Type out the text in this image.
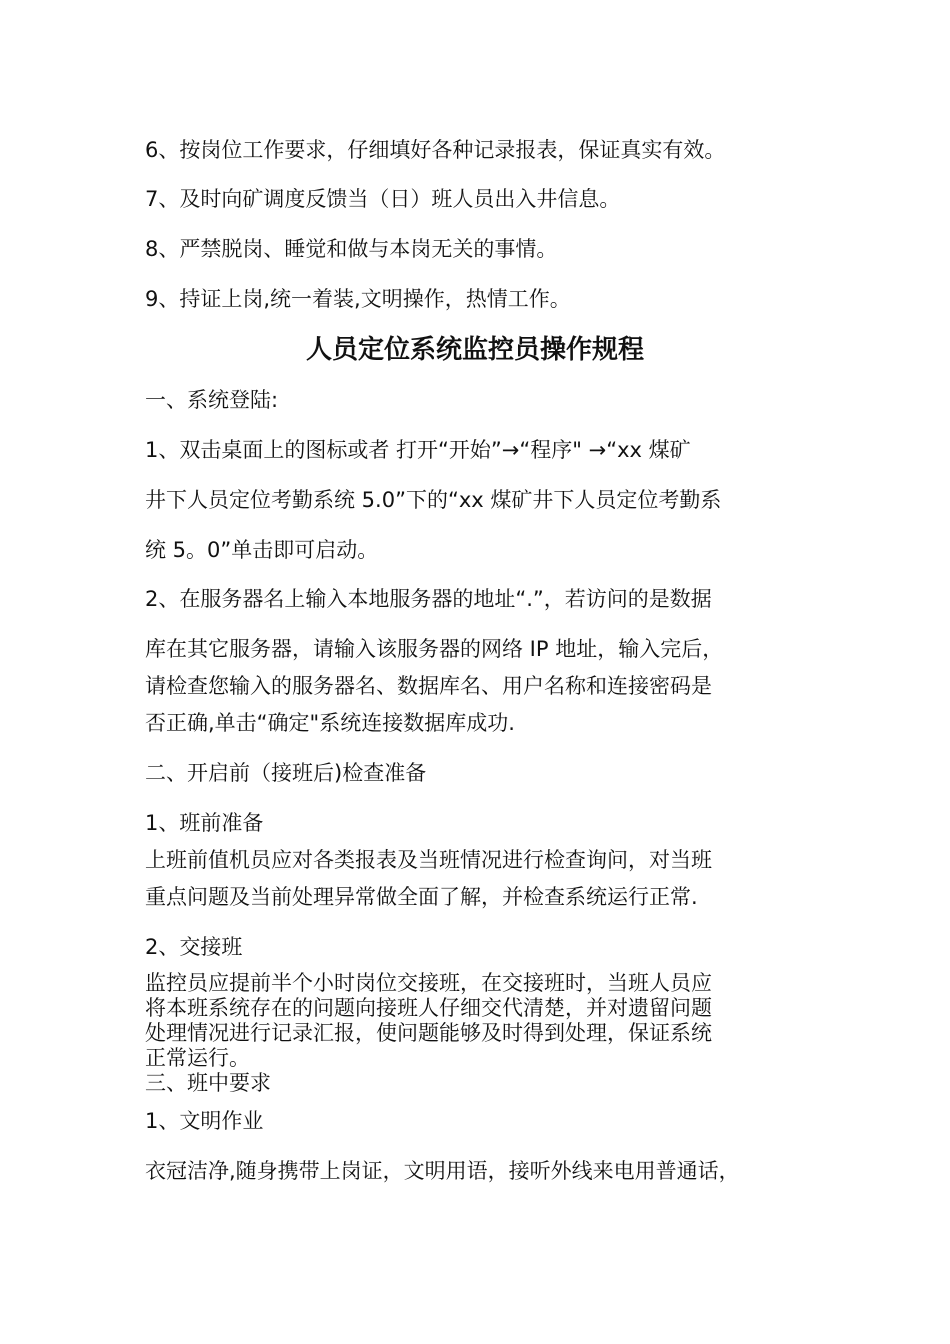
6、按岗位工作要求，仔细填好各种记录报表，保证真实有效。
7、及时向矿调度反馈当（日）班人员出入井信息。
8、严禁脱岗、睡觉和做与本岗无关的事情。
9、持证上岗,统一着装,文明操作，热情工作。
人员定位系统监控员操作规程
一、系统登陆:
1、双击桌面上的图标或者 打开“开始”→“程序" →“xx 煤矿
井下人员定位考勤系统 5.0”下的“xx 煤矿井下人员定位考勤系
统 5。0”单击即可启动。
2、在服务器名上输入本地服务器的地址“.”，若访问的是数据
库在其它服务器，请输入该服务器的网络 IP 地址，输入完后，
请检查您输入的服务器名、数据库名、用户名称和连接密码是
否正确,单击“确定"系统连接数据库成功.
二、开启前（接班后)检查准备
1、班前准备
上班前值机员应对各类报表及当班情况进行检查询问，对当班
重点问题及当前处理异常做全面了解，并检查系统运行正常.
2、交接班
监控员应提前半个小时岗位交接班，在交接班时，当班人员应
将本班系统存在的问题向接班人仔细交代清楚，并对遗留问题
处理情况进行记录汇报，使问题能够及时得到处理，保证系统
正常运行。
三、班中要求
1、文明作业
衣冠洁净,随身携带上岗证，文明用语，接听外线来电用普通话，
